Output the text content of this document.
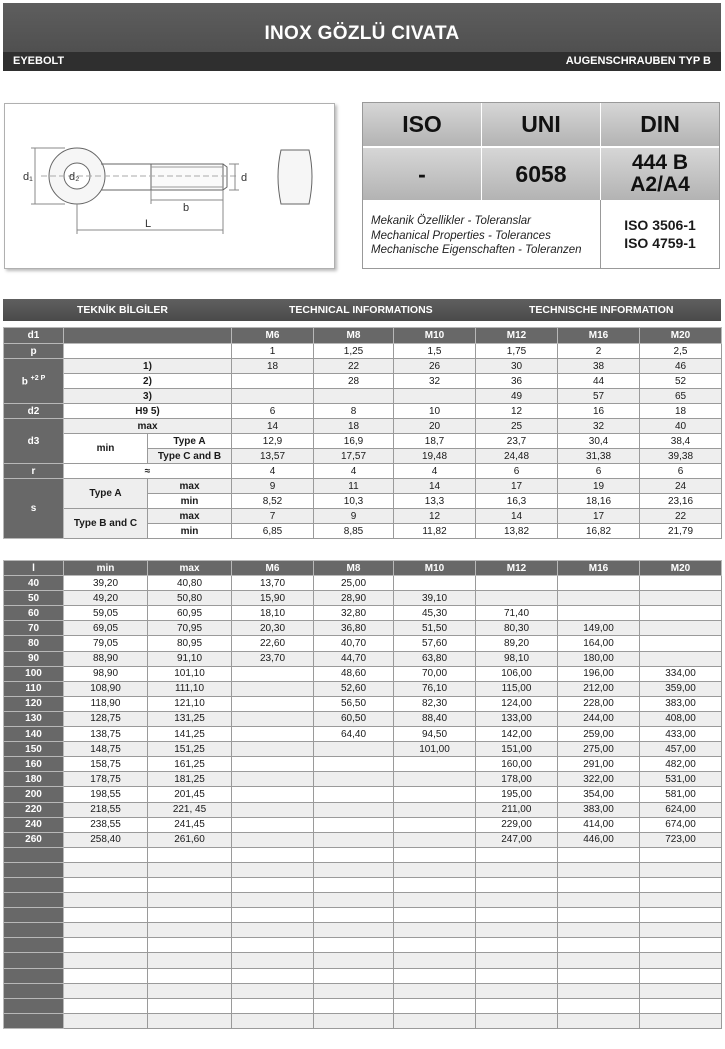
INOX GÖZLÜ CIVATA
EYEBOLT	AUGENSCHRAUBEN TYP B
d₁	d₂	d
b
L
ISO	UNI	DIN
-	6058	444 B
A2/A4
Mekanik Özellikler - Toleranslar
Mechanical Properties - Tolerances
Mechanische Eigenschaften - Toleranzen
ISO 3506-1
ISO 4759-1
TEKNİK BİLGİLER	TECHNICAL INFORMATIONS	TECHNISCHE INFORMATION
d1			M6	M8	M10	M12	M16	M20
p			1	1,25	1,5	1,75	2	2,5
b $^{+2 P}$	1)		18	22	26	30	38	46
	2)			28	32	36	44	52
	3)					49	57	65
d2	H9 5)		6	8	10	12	16	18
d3	max		14	18	20	25	32	40
	min	Type A	12,9	16,9	18,7	23,7	30,4	38,4
		Type C and B	13,57	17,57	19,48	24,48	31,38	39,38
r	≈		4	4	4	6	6	6
s	Type A	max	9	11	14	17	19	24
		min	8,52	10,3	13,3	16,3	18,16	23,16
	Type B and C	max	7	9	12	14	17	22
		min	6,85	8,85	11,82	13,82	16,82	21,79
l	min	max	M6	M8	M10	M12	M16	M20
40	39,20	40,80	13,70	25,00				
50	49,20	50,80	15,90	28,90	39,10			
60	59,05	60,95	18,10	32,80	45,30	71,40		
70	69,05	70,95	20,30	36,80	51,50	80,30	149,00	
80	79,05	80,95	22,60	40,70	57,60	89,20	164,00	
90	88,90	91,10	23,70	44,70	63,80	98,10	180,00	
100	98,90	101,10		48,60	70,00	106,00	196,00	334,00
110	108,90	111,10		52,60	76,10	115,00	212,00	359,00
120	118,90	121,10		56,50	82,30	124,00	228,00	383,00
130	128,75	131,25		60,50	88,40	133,00	244,00	408,00
140	138,75	141,25		64,40	94,50	142,00	259,00	433,00
150	148,75	151,25			101,00	151,00	275,00	457,00
160	158,75	161,25				160,00	291,00	482,00
180	178,75	181,25				178,00	322,00	531,00
200	198,55	201,45				195,00	354,00	581,00
220	218,55	221, 45				211,00	383,00	624,00
240	238,55	241,45				229,00	414,00	674,00
260	258,40	261,60				247,00	446,00	723,00
